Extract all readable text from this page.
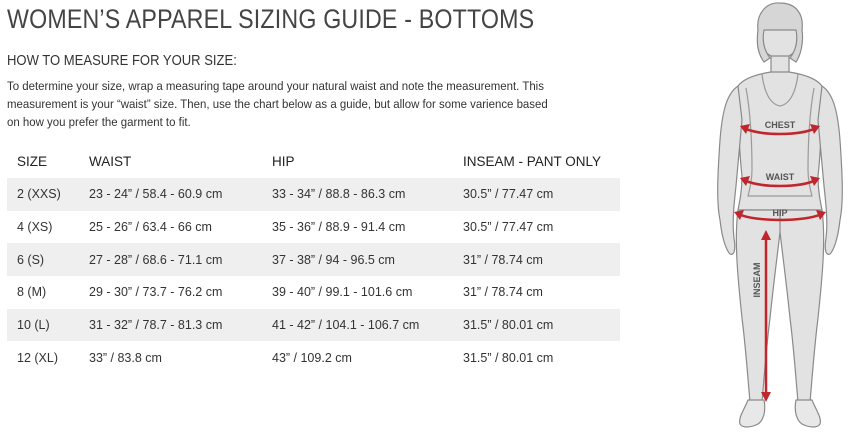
WOMEN’S APPAREL SIZING GUIDE - BOTTOMS
HOW TO MEASURE FOR YOUR SIZE:
To determine your size, wrap a measuring tape around your natural waist and note the measurement. This
measurement is your “waist” size. Then, use the chart below as a guide, but allow for some varience based
on how you prefer the garment to fit.
SIZE	WAIST	HIP	INSEAM - PANT ONLY
2 (XXS)	23 - 24” / 58.4 - 60.9 cm	33 - 34” / 88.8 - 86.3 cm	30.5” / 77.47 cm
4 (XS)	25 - 26” / 63.4 - 66 cm	35 - 36” / 88.9 - 91.4 cm	30.5” / 77.47 cm
6 (S)	27 - 28” / 68.6 - 71.1 cm	37 - 38” / 94 - 96.5 cm	31” / 78.74 cm
8 (M)	29 - 30” / 73.7 - 76.2 cm	39 - 40” / 99.1 - 101.6 cm	31” / 78.74 cm
10 (L)	31 - 32” / 78.7 - 81.3 cm	41 - 42” / 104.1 - 106.7 cm	31.5” / 80.01 cm
12 (XL)	33” / 83.8 cm	43” / 109.2 cm	31.5” / 80.01 cm
CHEST
WAIST
HIP
INSEAM
